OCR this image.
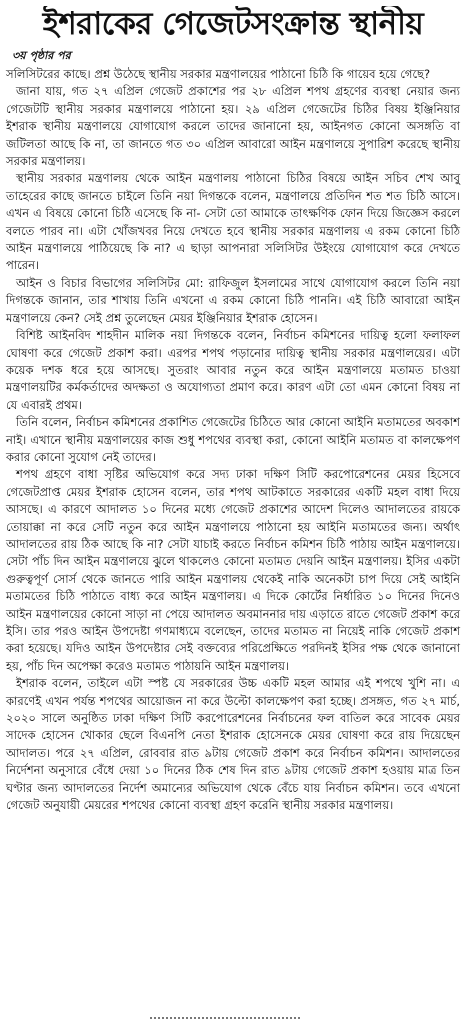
ইশরাকের গেজেটসংক্রান্ত স্থানীয়
৩য় পৃষ্ঠার পর

সলিসিটরের কাছে। প্রশ্ন উঠেছে স্থানীয় সরকার মন্ত্রণালয়ের পাঠানো চিঠি কি গায়েব হয়ে গেছে?

জানা যায়, গত ২৭ এপ্রিল গেজেট প্রকাশের পর ২৮ এপ্রিল শপথ গ্রহণের ব্যবস্থা নেয়ার জন্য গেজেটটি স্থানীয় সরকার মন্ত্রণালয়ে পাঠানো হয়। ২৯ এপ্রিল গেজেটের চিঠির বিষয় ইঞ্জিনিয়ার ইশরাক স্থানীয় মন্ত্রণালয়ে যোগাযোগ করলে তাদের জানানো হয়, আইনগত কোনো অসঙ্গতি বা জটিলতা আছে কি না, তা জানতে গত ৩০ এপ্রিল আবারো আইন মন্ত্রণালয়ে সুপারিশ করেছে স্থানীয় সরকার মন্ত্রণালয়।

স্থানীয় সরকার মন্ত্রণালয় থেকে আইন মন্ত্রণালয় পাঠানো চিঠির বিষয়ে আইন সচিব শেখ আবু তাহেরের কাছে জানতে চাইলে তিনি নয়া দিগন্তকে বলেন, মন্ত্রণালয়ে প্রতিদিন শত শত চিঠি আসে। এখন এ বিষয়ে কোনো চিঠি এসেছে কি না- সেটা তো আমাকে তাৎক্ষণিক ফোন দিয়ে জিজ্ঞেস করলে বলতে পারব না। এটা খোঁজখবর নিয়ে দেখতে হবে স্থানীয় সরকার মন্ত্রণালয় এ রকম কোনো চিঠি আইন মন্ত্রণালয়ে পাঠিয়েছে কি না? এ ছাড়া আপনারা সলিসিটর উইংয়ে যোগাযোগ করে দেখতে পারেন।

আইন ও বিচার বিভাগের সলিসিটর মো: রাফিজুল ইসলামের সাথে যোগাযোগ করলে তিনি নয়া দিগন্তকে জানান, তার শাখায় তিনি এখনো এ রকম কোনো চিঠি পাননি। এই চিঠি আবারো আইন মন্ত্রণালয়ে কেন? সেই প্রশ্ন তুলেছেন মেয়র ইঞ্জিনিয়ার ইশরাক হোসেন।

বিশিষ্ট আইনবিদ শাহদীন মালিক নয়া দিগন্তকে বলেন, নির্বাচন কমিশনের দায়িত্ব হলো ফলাফল ঘোষণা করে গেজেট প্রকাশ করা। এরপর শপথ পড়ানোর দায়িত্ব স্থানীয় সরকার মন্ত্রণালয়ের। এটা কয়েক দশক ধরে হয়ে আসছে। সুতরাং আবার নতুন করে আইন মন্ত্রণালয়ে মতামত চাওয়া মন্ত্রণালয়টির কর্মকর্তাদের অদক্ষতা ও অযোগ্যতা প্রমাণ করে। কারণ এটা তো এমন কোনো বিষয় না যে এবারই প্রথম।

তিনি বলেন, নির্বাচন কমিশনের প্রকাশিত গেজেটের চিঠিতে আর কোনো আইনি মতামতের অবকাশ নাই। এখানে স্থানীয় মন্ত্রণালয়ের কাজ শুধু শপথের ব্যবস্থা করা, কোনো আইনি মতামত বা কালক্ষেপণ করার কোনো সুযোগ নেই তাদের।

শপথ গ্রহণে বাধা সৃষ্টির অভিযোগ করে সদ্য ঢাকা দক্ষিণ সিটি করপোরেশনের মেয়র হিসেবে গেজেটপ্রাপ্ত মেয়র ইশরাক হোসেন বলেন, তার শপথ আটকাতে সরকারের একটি মহল বাধা দিয়ে আসছে। এ কারণে আদালত ১০ দিনের মধ্যে গেজেট প্রকাশের আদেশ দিলেও আদালতের রায়কে তোয়াক্কা না করে সেটি নতুন করে আইন মন্ত্রণালয়ে পাঠানো হয় আইনি মতামতের জন্য। অর্থাৎ আদালতের রায় ঠিক আছে কি না? সেটা যাচাই করতে নির্বাচন কমিশন চিঠি পাঠায় আইন মন্ত্রণালয়ে। সেটা পাঁচ দিন আইন মন্ত্রণালয়ে ঝুলে থাকলেও কোনো মতামত দেয়নি আইন মন্ত্রণালয়। ইসির একটা গুরুত্বপূর্ণ সোর্স থেকে জানতে পারি আইন মন্ত্রণালয় থেকেই নাকি অনেকটা চাপ দিয়ে সেই আইনি মতামতের চিঠি পাঠাতে বাধ্য করে আইন মন্ত্রণালয়। এ দিকে কোর্টের নির্ধারিত ১০ দিনের দিনেও আইন মন্ত্রণালয়ের কোনো সাড়া না পেয়ে আদালত অবমাননার দায় এড়াতে রাতে গেজেট প্রকাশ করে ইসি। তার পরও আইন উপদেষ্টা গণমাধ্যমে বলেছেন, তাদের মতামত না নিয়েই নাকি গেজেট প্রকাশ করা হয়েছে। যদিও আইন উপদেষ্টার সেই বক্তব্যের পরিপ্রেক্ষিতে পরদিনই ইসির পক্ষ থেকে জানানো হয়, পাঁচ দিন অপেক্ষা করেও মতামত পাঠায়নি আইন মন্ত্রণালয়।

ইশরাক বলেন, তাইলে এটা স্পষ্ট যে সরকারের উচ্চ একটি মহল আমার এই শপথে খুশি না। এ কারণেই এখন পর্যন্ত শপথের আয়োজন না করে উল্টো কালক্ষেপণ করা হচ্ছে। প্রসঙ্গত, গত ২৭ মার্চ, ২০২০ সালে অনুষ্ঠিত ঢাকা দক্ষিণ সিটি করপোরেশনের নির্বাচনের ফল বাতিল করে সাবেক মেয়র সাদেক হোসেন খোকার ছেলে বিএনপি নেতা ইশরাক হোসেনকে মেয়র ঘোষণা করে রায় দিয়েছেন আদালত। পরে ২৭ এপ্রিল, রোববার রাত ৯টায় গেজেট প্রকাশ করে নির্বাচন কমিশন। আদালতের নির্দেশনা অনুসারে বেঁধে দেয়া ১০ দিনের ঠিক শেষ দিন রাত ৯টায় গেজেট প্রকাশ হওয়ায় মাত্র তিন ঘণ্টার জন্য আদালতের নির্দেশ অমান্যের অভিযোগ থেকে বেঁচে যায় নির্বাচন কমিশন। তবে এখনো গেজেট অনুযায়ী মেয়রের শপথের কোনো ব্যবস্থা গ্রহণ করেনি স্থানীয় সরকার মন্ত্রণালয়।
